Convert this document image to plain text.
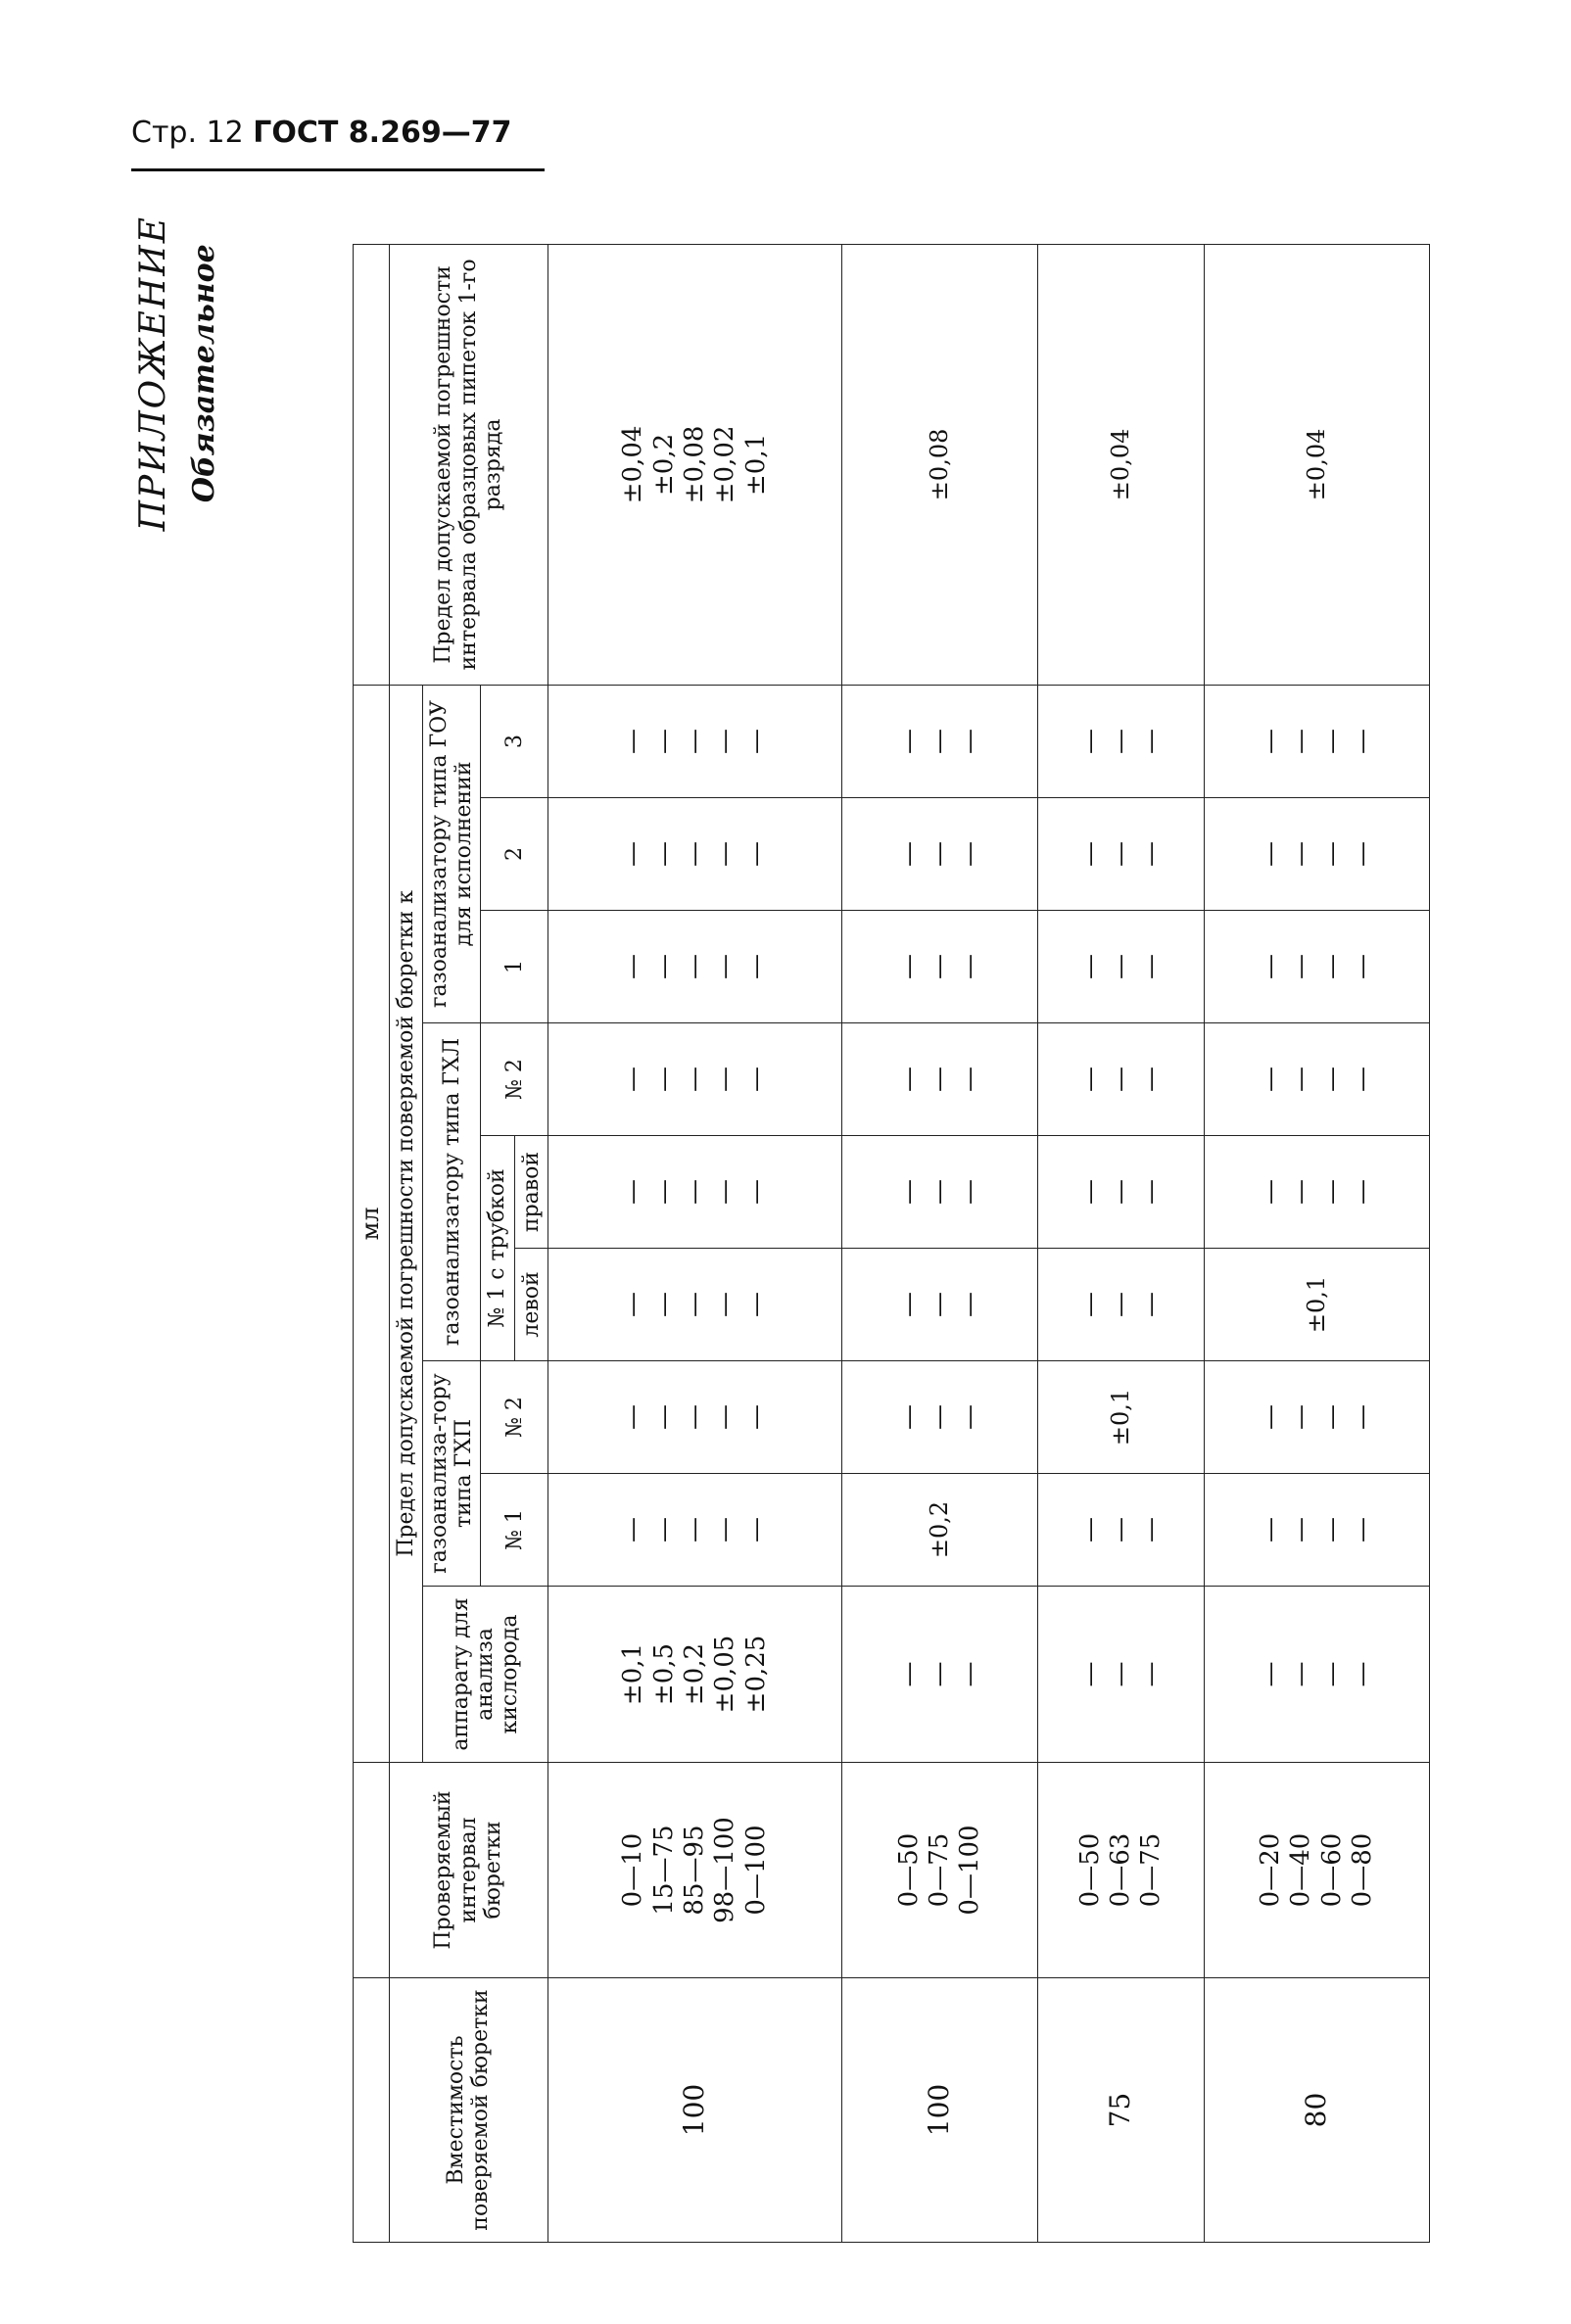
Стр. 12 ГОСТ 8.269—77
ПРИЛОЖЕНИЕ Обязательное
		мл									
Вместимость поверяемой бюретки	Проверяемый интервал бюретки	Предел допускаемой погрешности поверяемой бюретки к									Предел допускаемой погрешности интервала образцовых пипеток 1-го разряда
		аппарату для анализа кислорода	газоанализа-тору типа ГХП		газоанализатору типа ГХЛ			газоанализатору типа ГОУ для исполнений			
			№ 1	№ 2	№ 1 с трубкой		№ 2	1	2	3	
					левой	правой					
100	0—10 15—75 85—95 98—100 0—100	±0,1 ±0,5 ±0,2 ±0,05 ±0,25	— — — — —	— — — — —	— — — — —	— — — — —	— — — — —	— — — — —	— — — — —	— — — — —	±0,04 ±0,2 ±0,08 ±0,02 ±0,1

100	0—50 0—75 0—100	— — —	±0,2	— — —	— — —	— — —	— — —	— — —	— — —	— — —	±0,08
75	0—50 0—63 0—75	— — —	— — —	±0,1	— — —	— — —	— — —	— — —	— — —	— — —	±0,04
80	0—20 0—40 0—60 0—80	— — — —	— — — —	— — — —	±0,1	— — — —	— — — —	— — — —	— — — —	— — — —	±0,04
